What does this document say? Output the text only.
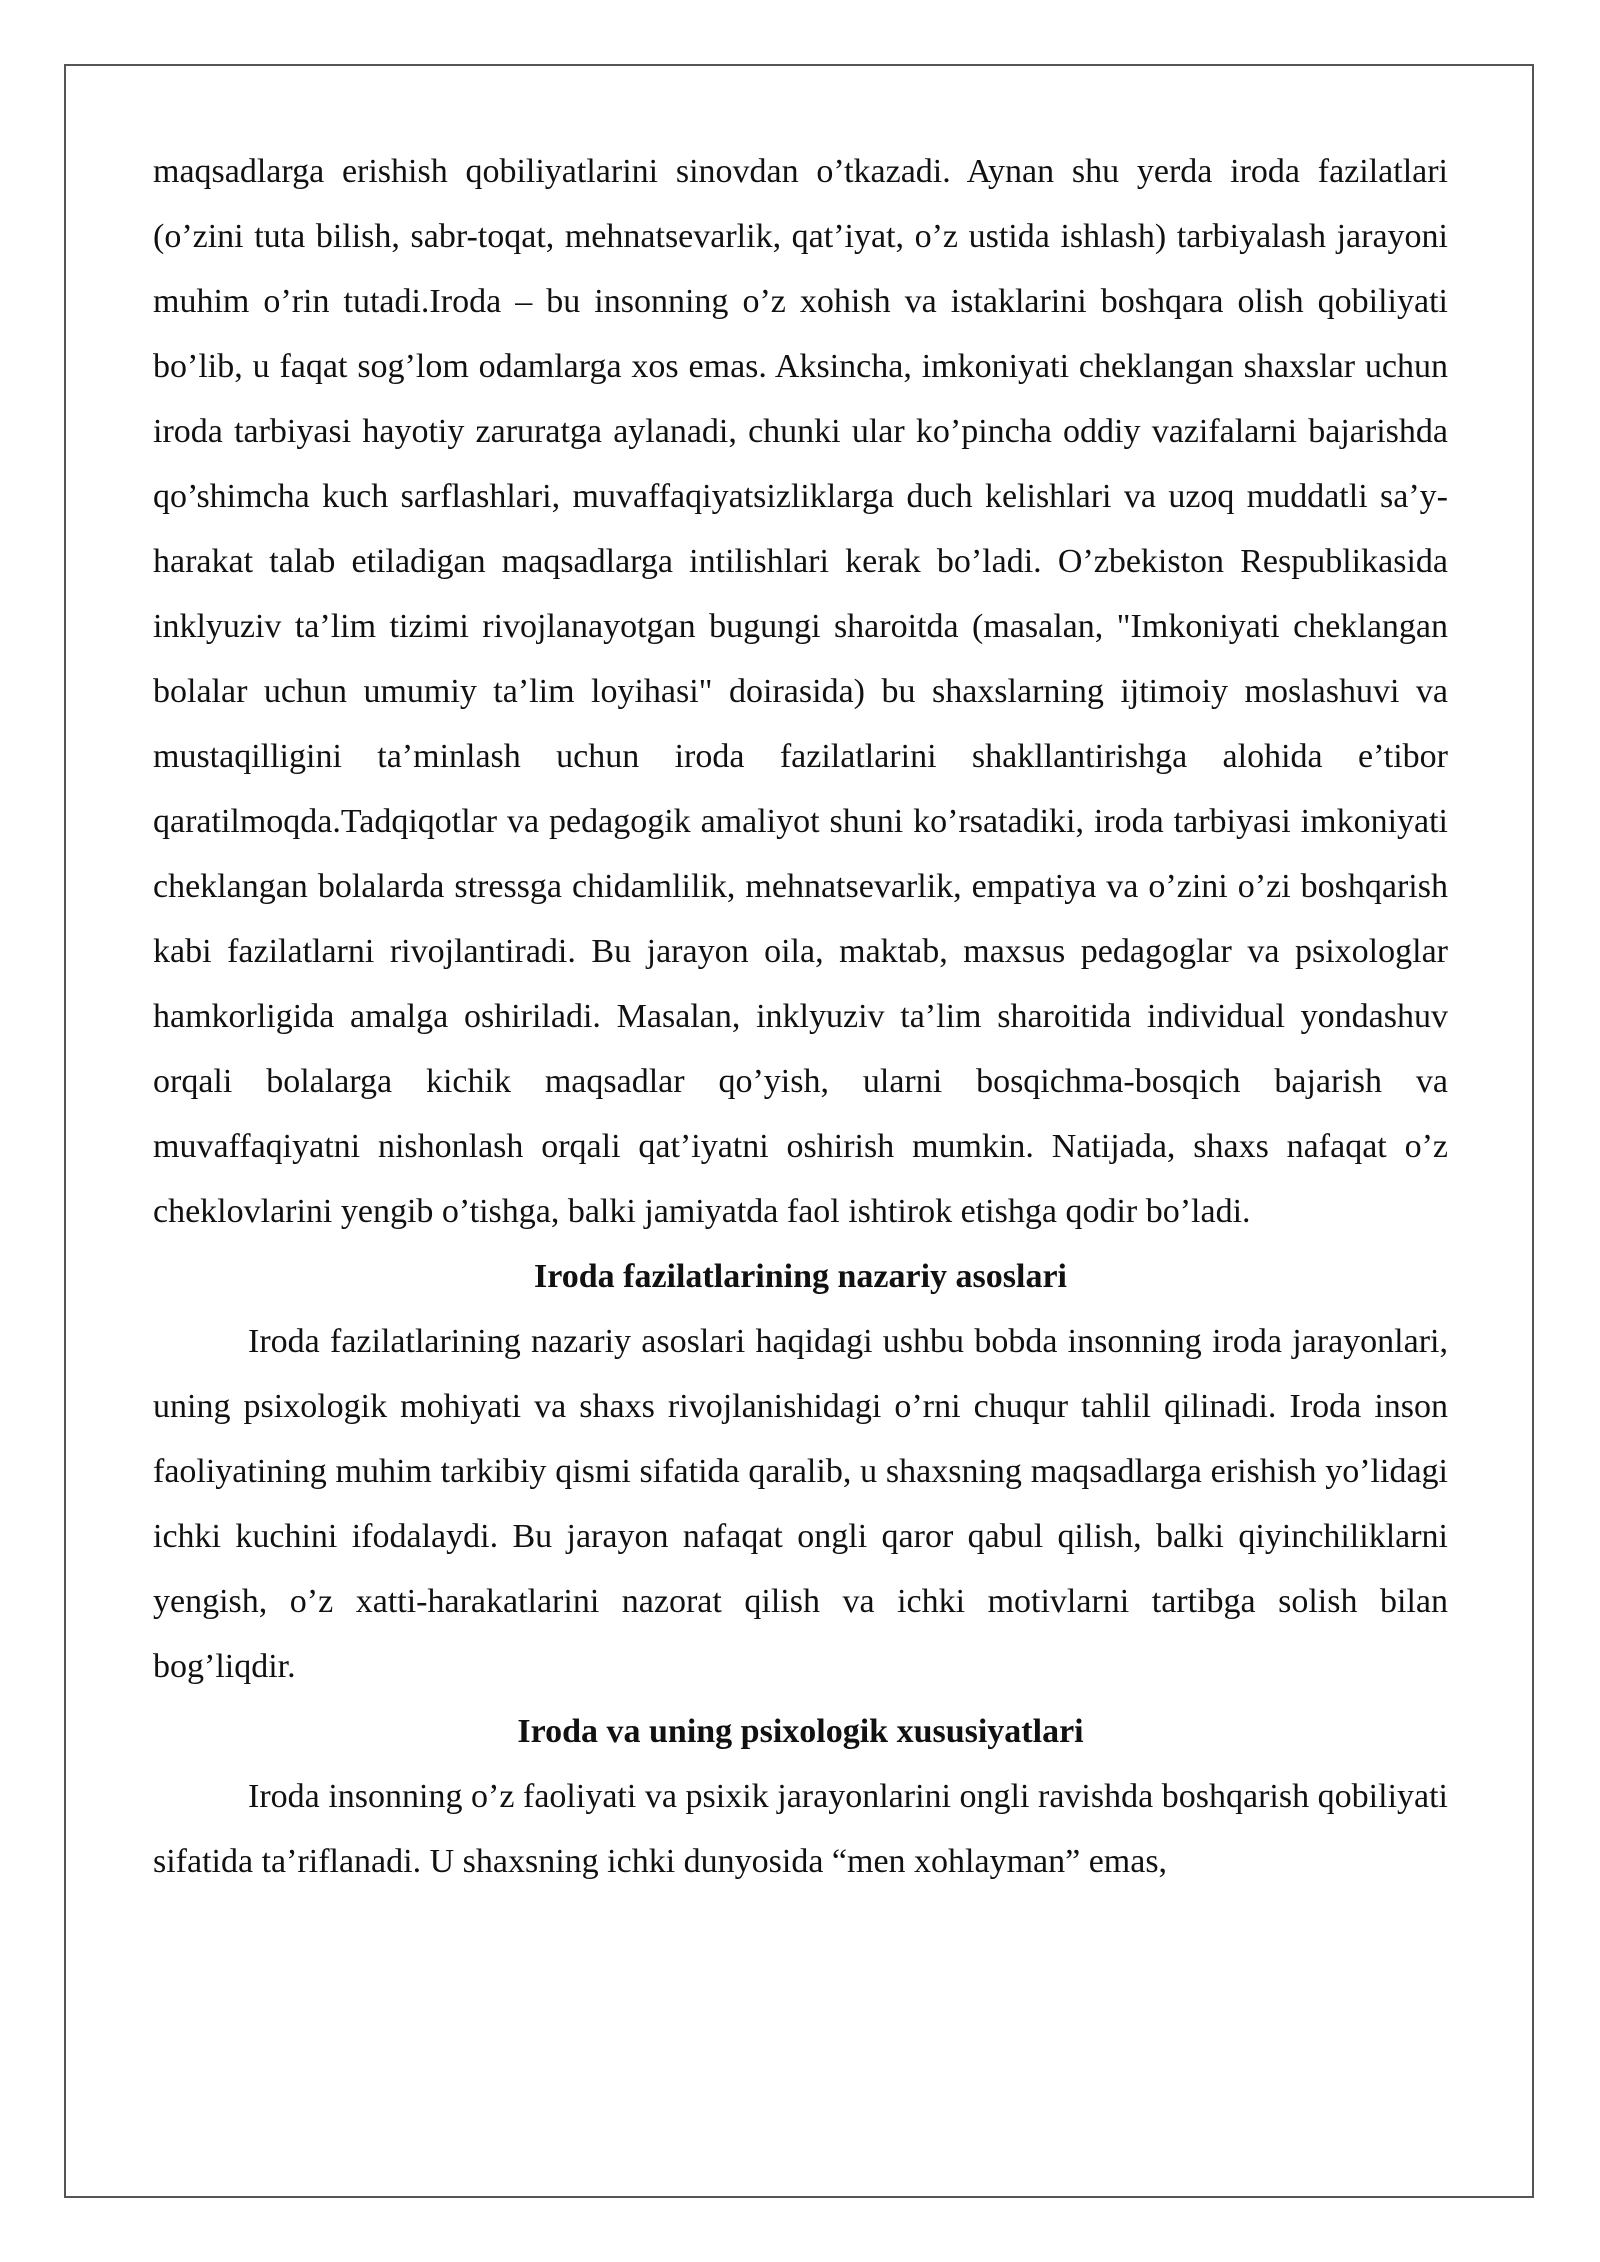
maqsadlarga erishish qobiliyatlarini sinovdan o’tkazadi. Aynan shu yerda iroda fazilatlari (o’zini tuta bilish, sabr-toqat, mehnatsevarlik, qat’iyat, o’z ustida ishlash) tarbiyalash jarayoni muhim o’rin tutadi.Iroda – bu insonning o’z xohish va istaklarini boshqara olish qobiliyati bo’lib, u faqat sog’lom odamlarga xos emas. Aksincha, imkoniyati cheklangan shaxslar uchun iroda tarbiyasi hayotiy zaruratga aylanadi, chunki ular ko’pincha oddiy vazifalarni bajarishda qo’shimcha kuch sarflashlari, muvaffaqiyatsizliklarga duch kelishlari va uzoq muddatli sa’y-harakat talab etiladigan maqsadlarga intilishlari kerak bo’ladi. O’zbekiston Respublikasida inklyuziv ta’lim tizimi rivojlanayotgan bugungi sharoitda (masalan, "Imkoniyati cheklangan bolalar uchun umumiy ta’lim loyihasi" doirasida) bu shaxslarning ijtimoiy moslashuvi va mustaqilligini ta’minlash uchun iroda fazilatlarini shakllantirishga alohida e’tibor qaratilmoqda.Tadqiqotlar va pedagogik amaliyot shuni ko’rsatadiki, iroda tarbiyasi imkoniyati cheklangan bolalarda stressga chidamlilik, mehnatsevarlik, empatiya va o’zini o’zi boshqarish kabi fazilatlarni rivojlantiradi. Bu jarayon oila, maktab, maxsus pedagoglar va psixologlar hamkorligida amalga oshiriladi. Masalan, inklyuziv ta’lim sharoitida individual yondashuv orqali bolalarga kichik maqsadlar qo’yish, ularni bosqichma-bosqich bajarish va muvaffaqiyatni nishonlash orqali qat’iyatni oshirish mumkin. Natijada, shaxs nafaqat o’z cheklovlarini yengib o’tishga, balki jamiyatda faol ishtirok etishga qodir bo’ladi.

Iroda fazilatlarining nazariy asoslari

Iroda fazilatlarining nazariy asoslari haqidagi ushbu bobda insonning iroda jarayonlari, uning psixologik mohiyati va shaxs rivojlanishidagi o’rni chuqur tahlil qilinadi. Iroda inson faoliyatining muhim tarkibiy qismi sifatida qaralib, u shaxsning maqsadlarga erishish yo’lidagi ichki kuchini ifodalaydi. Bu jarayon nafaqat ongli qaror qabul qilish, balki qiyinchiliklarni yengish, o’z xatti-harakatlarini nazorat qilish va ichki motivlarni tartibga solish bilan bog’liqdir.

Iroda va uning psixologik xususiyatlari

Iroda insonning o’z faoliyati va psixik jarayonlarini ongli ravishda boshqarish qobiliyati sifatida ta’riflanadi. U shaxsning ichki dunyosida “men xohlayman” emas,
